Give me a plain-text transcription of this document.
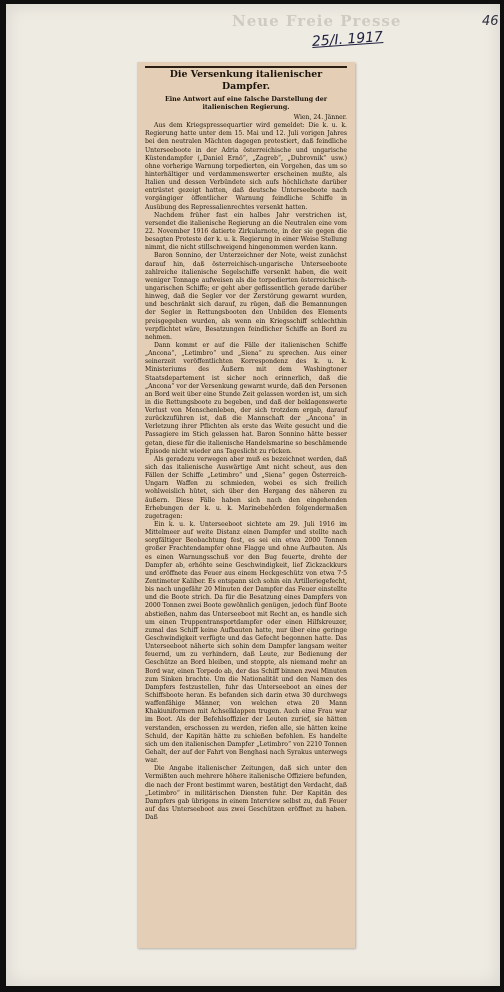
Neue Freie Presse
25/I. 1917
46
Die Versenkung italienischer Dampfer.
Eine Antwort auf eine falsche Darstellung der italienischen Regierung.

Wien, 24. Jänner.

Aus dem Kriegspressequartier wird gemeldet: Die k. u. k. Regierung hatte unter dem 15. Mai und 12. Juli vorigen Jahres bei den neutralen Mächten dagegen protestiert, daß feindliche Unterseeboote in der Adria österreichische und ungarische Küstendampfer („Daniel Ernö“, „Zagreb“, „Dubrovnik“ usw.) ohne vorherige Warnung torpedierten, ein Vorgehen, das um so hinterhältiger und verdammenswerter erscheinen mußte, als Italien und dessen Verbündete sich aufs höchlichste darüber entrüstet gezeigt hatten, daß deutsche Unterseeboote nach vorgängiger öffentlicher Warnung feindliche Schiffe in Ausübung des Repressalienrechtes versenkt hatten.

Nachdem früher fast ein halbes Jahr verstrichen ist, versendet die italienische Regierung an die Neutralen eine vom 22. November 1916 datierte Zirkularnote, in der sie gegen die besagten Proteste der k. u. k. Regierung in einer Weise Stellung nimmt, die nicht stillschweigend hingenommen werden kann.

Baron Sonnino, der Unterzeichner der Note, weist zunächst darauf hin, daß österreichisch-ungarische Unterseeboote zahlreiche italienische Segelschiffe versenkt haben, die weit weniger Tonnage aufweisen als die torpedierten österreichisch-ungarischen Schiffe; er geht aber geflissentlich gerade darüber hinweg, daß die Segler vor der Zerstörung gewarnt wurden, und beschränkt sich darauf, zu rügen, daß die Bemannungen der Segler in Rettungsbooten den Unbilden des Elements preisgegeben wurden, als wenn ein Kriegsschiff schlechthin verpflichtet wäre, Besatzungen feindlicher Schiffe an Bord zu nehmen.

Dann kommt er auf die Fälle der italienischen Schiffe „Ancona“, „Letimbro“ und „Siena“ zu sprechen. Aus einer seinerzeit veröffentlichten Korrespondenz des k. u. k. Ministeriums des Äußern mit dem Washingtoner Staatsdepartement ist sicher noch erinnerlich, daß die „Ancona“ vor der Versenkung gewarnt wurde, daß den Personen an Bord weit über eine Stunde Zeit gelassen worden ist, um sich in die Rettungsboote zu begeben, und daß der beklagenswerte Verlust von Menschenleben, der sich trotzdem ergab, darauf zurückzuführen ist, daß die Mannschaft der „Ancona“ in Verletzung ihrer Pflichten als erste das Weite gesucht und die Passagiere im Stich gelassen hat. Baron Sonnino hätte besser getan, diese für die italienische Handelsmarine so beschämende Episode nicht wieder ans Tageslicht zu rücken.

Als geradezu verwegen aber muß es bezeichnet werden, daß sich das italienische Auswärtige Amt nicht scheut, aus den Fällen der Schiffe „Letimbro“ und „Siena“ gegen Österreich-Ungarn Waffen zu schmieden, wobei es sich freilich wohlweislich hütet, sich über den Hergang des näheren zu äußern. Diese Fälle haben sich nach den eingehenden Erhebungen der k. u. k. Marinebehörden folgendermaßen zugetragen:

Ein k. u. k. Unterseeboot sichtete am 29. Juli 1916 im Mittelmeer auf weite Distanz einen Dampfer und stellte nach sorgfältiger Beobachtung fest, es sei ein etwa 2000 Tonnen großer Frachtendampfer ohne Flagge und ohne Aufbauten. Als es einen Warnungsschuß vor den Bug feuerte, drehte der Dampfer ab, erhöhte seine Geschwindigkeit, lief Zickzackkurs und eröffnete das Feuer aus einem Heckgeschütz von etwa 7·5 Zentimeter Kaliber. Es entspann sich sohin ein Artilleriegefecht, bis nach ungefähr 20 Minuten der Dampfer das Feuer einstellte und die Boote strich. Da für die Besatzung eines Dampfers von 2000 Tonnen zwei Boote gewöhnlich genügen, jedoch fünf Boote abstießen, nahm das Unterseeboot mit Recht an, es handle sich um einen Truppentransportdampfer oder einen Hilfskreuzer, zumal das Schiff keine Aufbauten hatte, nur über eine geringe Geschwindigkeit verfügte und das Gefecht begonnen hatte. Das Unterseeboot näherte sich sohin dem Dampfer langsam weiter feuernd, um zu verhindern, daß Leute, zur Bedienung der Geschütze an Bord bleiben, und stoppte, als niemand mehr an Bord war, einen Torpedo ab, der das Schiff binnen zwei Minuten zum Sinken brachte. Um die Nationalität und den Namen des Dampfers festzustellen, fuhr das Unterseeboot an eines der Schiffsboote heran. Es befanden sich darin etwa 30 durchwegs waffenfähige Männer, von welchen etwa 20 Mann Khakiuniformen mit Achselklappen trugen. Auch eine Frau war im Boot. Als der Befehlsoffizier der Leuten zurief, sie hätten verstanden, erschossen zu werden, riefen alle, sie hätten keine Schuld, der Kapitän hätte zu schießen befohlen. Es handelte sich um den italienischen Dampfer „Letimbro“ von 2210 Tonnen Gehalt, der auf der Fahrt von Benghasi nach Syrakus unterwegs war.

Die Angabe italienischer Zeitungen, daß sich unter den Vermißten auch mehrere höhere italienische Offiziere befunden, die nach der Front bestimmt waren, bestätigt den Verdacht, daß „Letimbro“ in militärischen Diensten fuhr. Der Kapitän des Dampfers gab übrigens in einem Interview selbst zu, daß Feuer auf das Unterseeboot aus zwei Geschützen eröffnet zu haben. Daß
